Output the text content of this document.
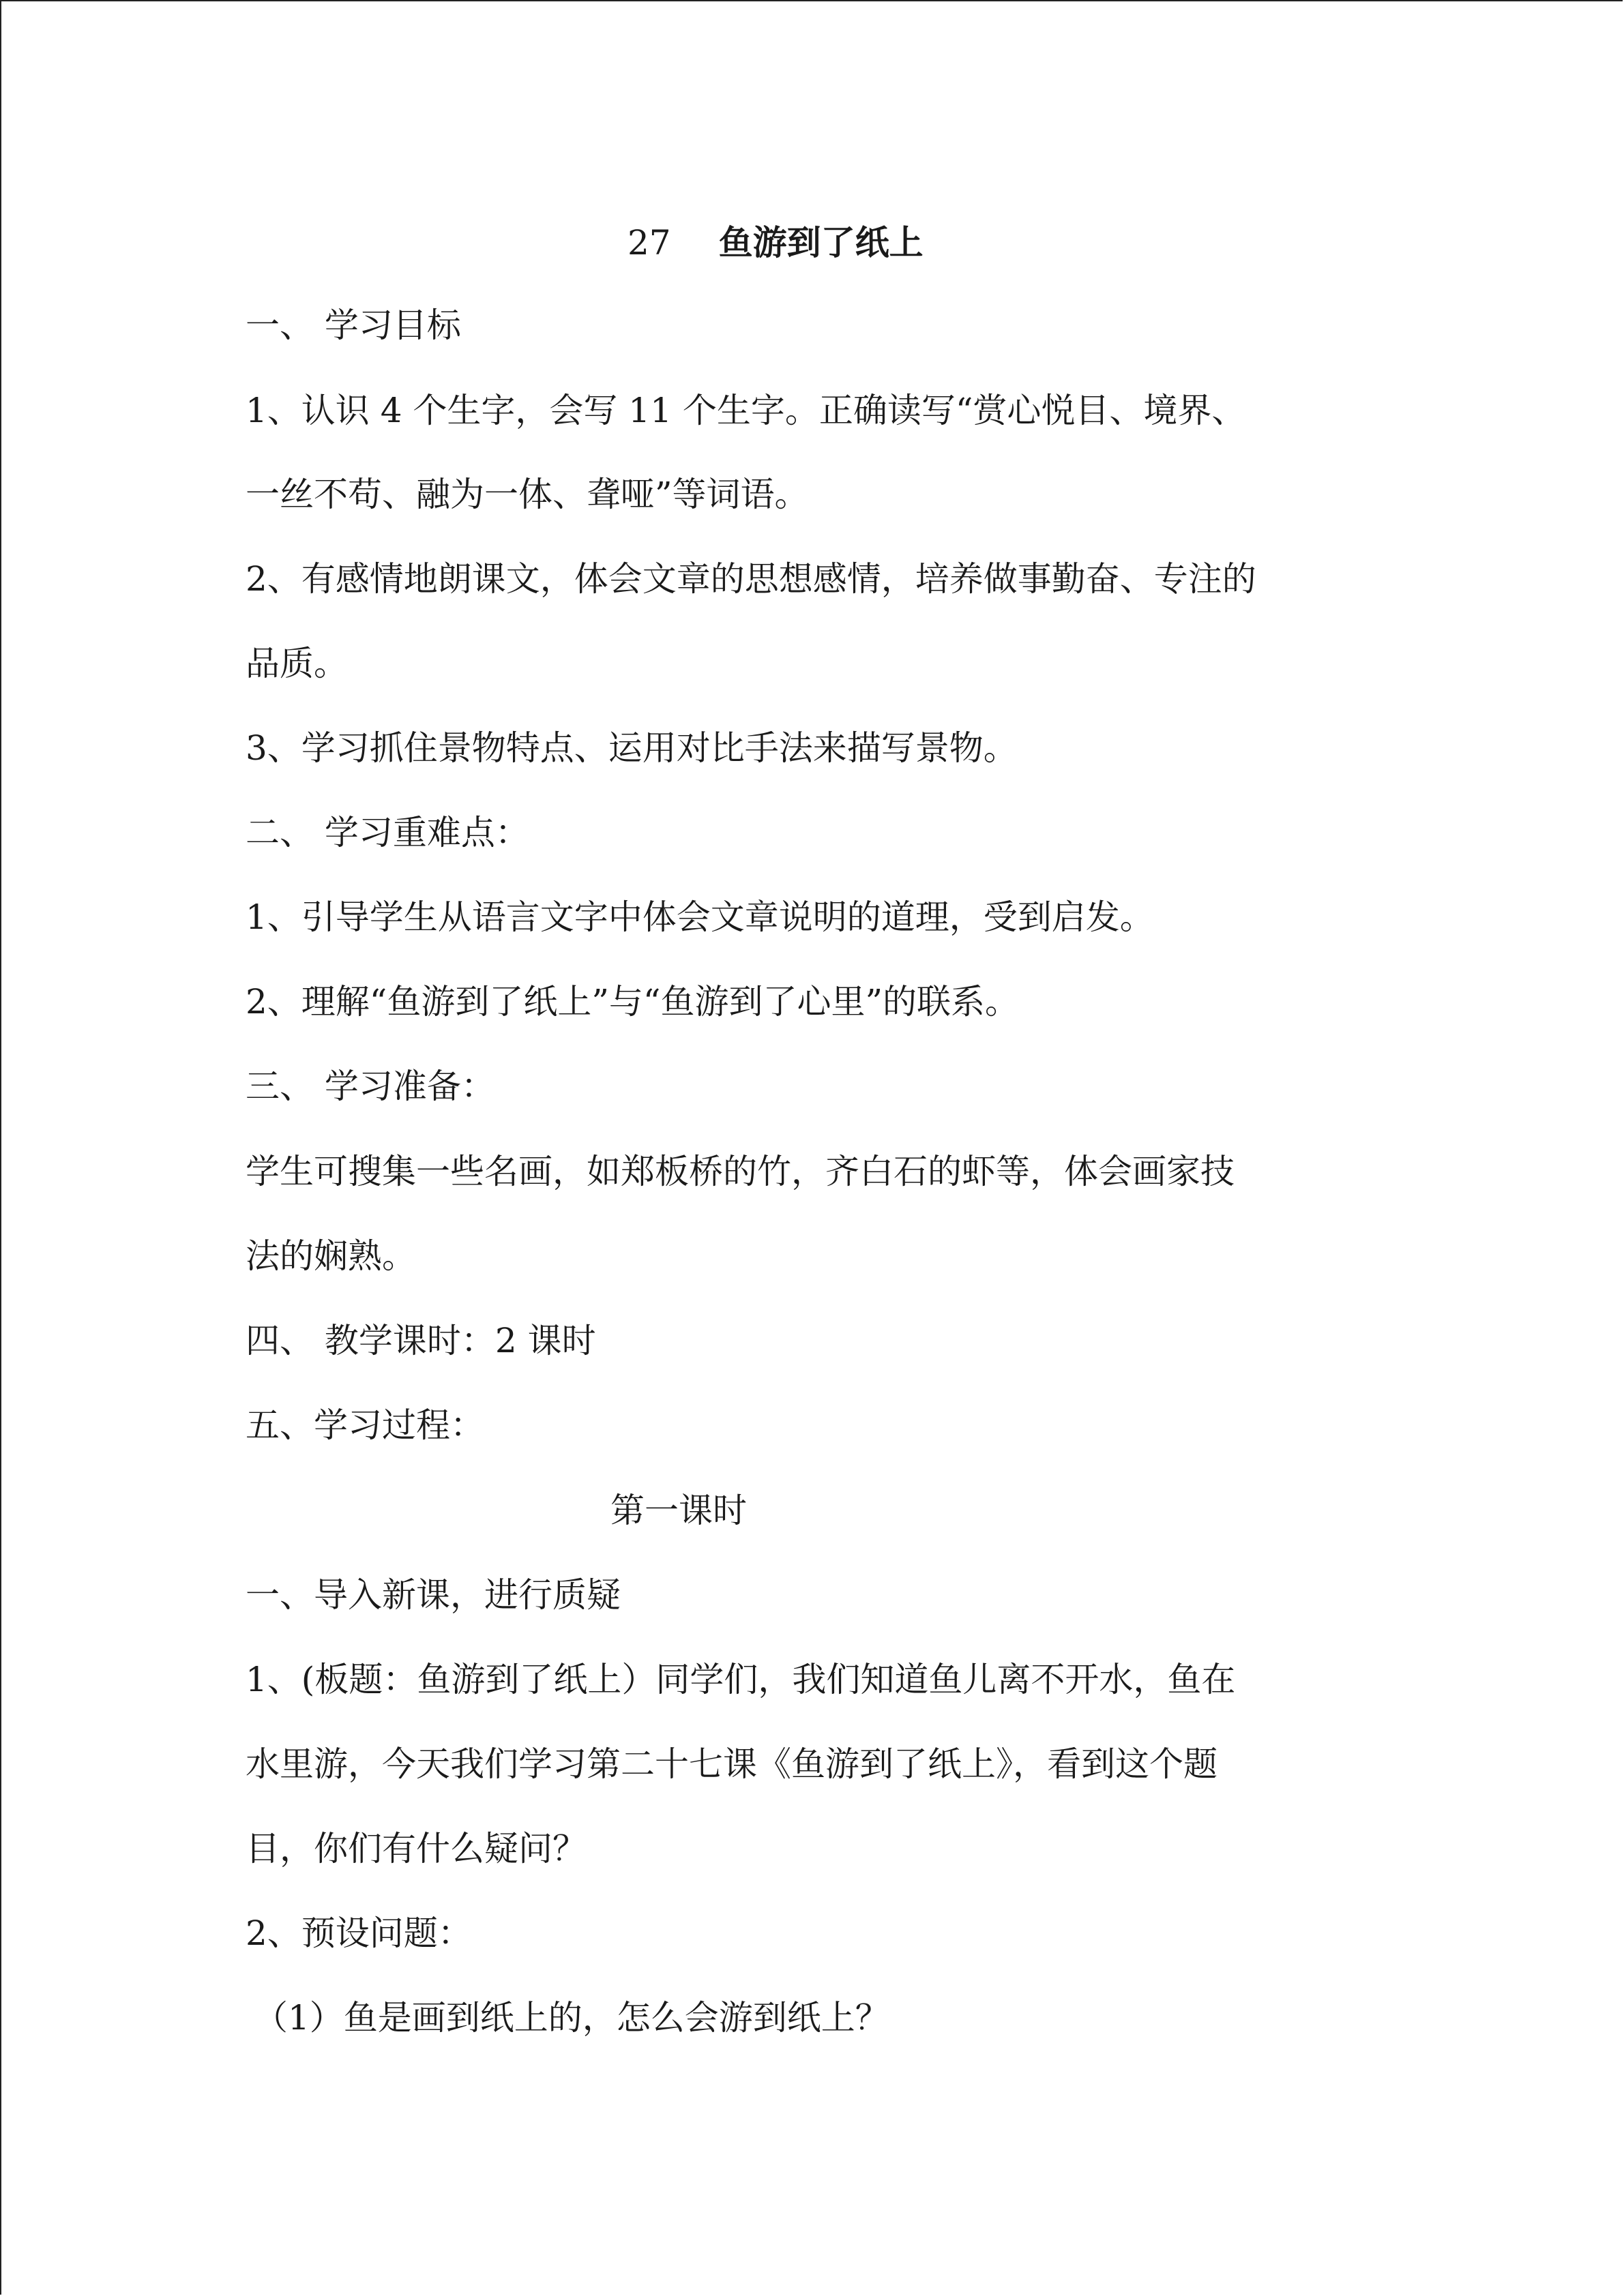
27 鱼游到了纸上
一、 学习目标
1、认识 4 个生字，会写 11 个生字。正确读写“赏心悦目、境界、
一丝不苟、融为一体、聋哑”等词语。
2、有感情地朗课文，体会文章的思想感情，培养做事勤奋、专注的
品质。
3、学习抓住景物特点、运用对比手法来描写景物。
二、 学习重难点：
1、引导学生从语言文字中体会文章说明的道理，受到启发。
2、理解“鱼游到了纸上”与“鱼游到了心里”的联系。
三、 学习准备：
学生可搜集一些名画，如郑板桥的竹，齐白石的虾等，体会画家技
法的娴熟。
四、 教学课时：2 课时
五、学习过程：
第一课时
一、导入新课，进行质疑
1、(板题：鱼游到了纸上）同学们，我们知道鱼儿离不开水，鱼在
水里游，今天我们学习第二十七课《鱼游到了纸上》，看到这个题
目，你们有什么疑问？
2、预设问题：
（1）鱼是画到纸上的，怎么会游到纸上？
